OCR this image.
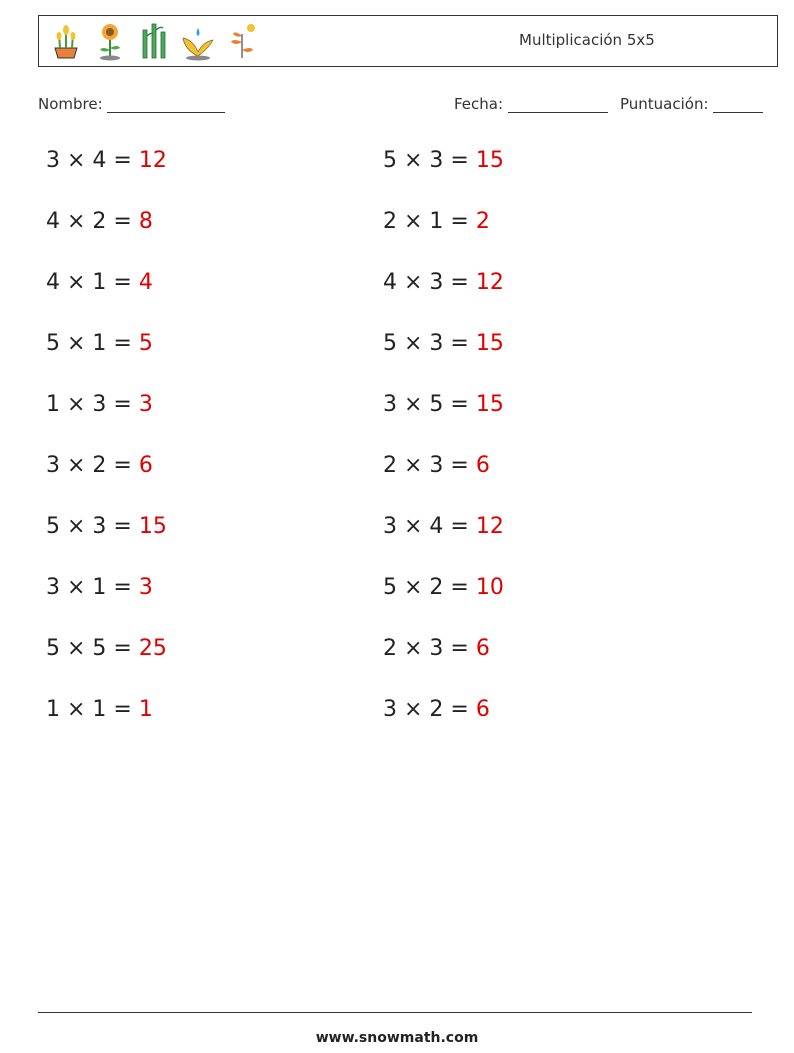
Multiplicación 5x5
Nombre:	Fecha:	Puntuación:
3 × 4 = 12
4 × 2 = 8
4 × 1 = 4
5 × 1 = 5
1 × 3 = 3
3 × 2 = 6
5 × 3 = 15
3 × 1 = 3
5 × 5 = 25
1 × 1 = 1
5 × 3 = 15
2 × 1 = 2
4 × 3 = 12
5 × 3 = 15
3 × 5 = 15
2 × 3 = 6
3 × 4 = 12
5 × 2 = 10
2 × 3 = 6
3 × 2 = 6
www.snowmath.com
